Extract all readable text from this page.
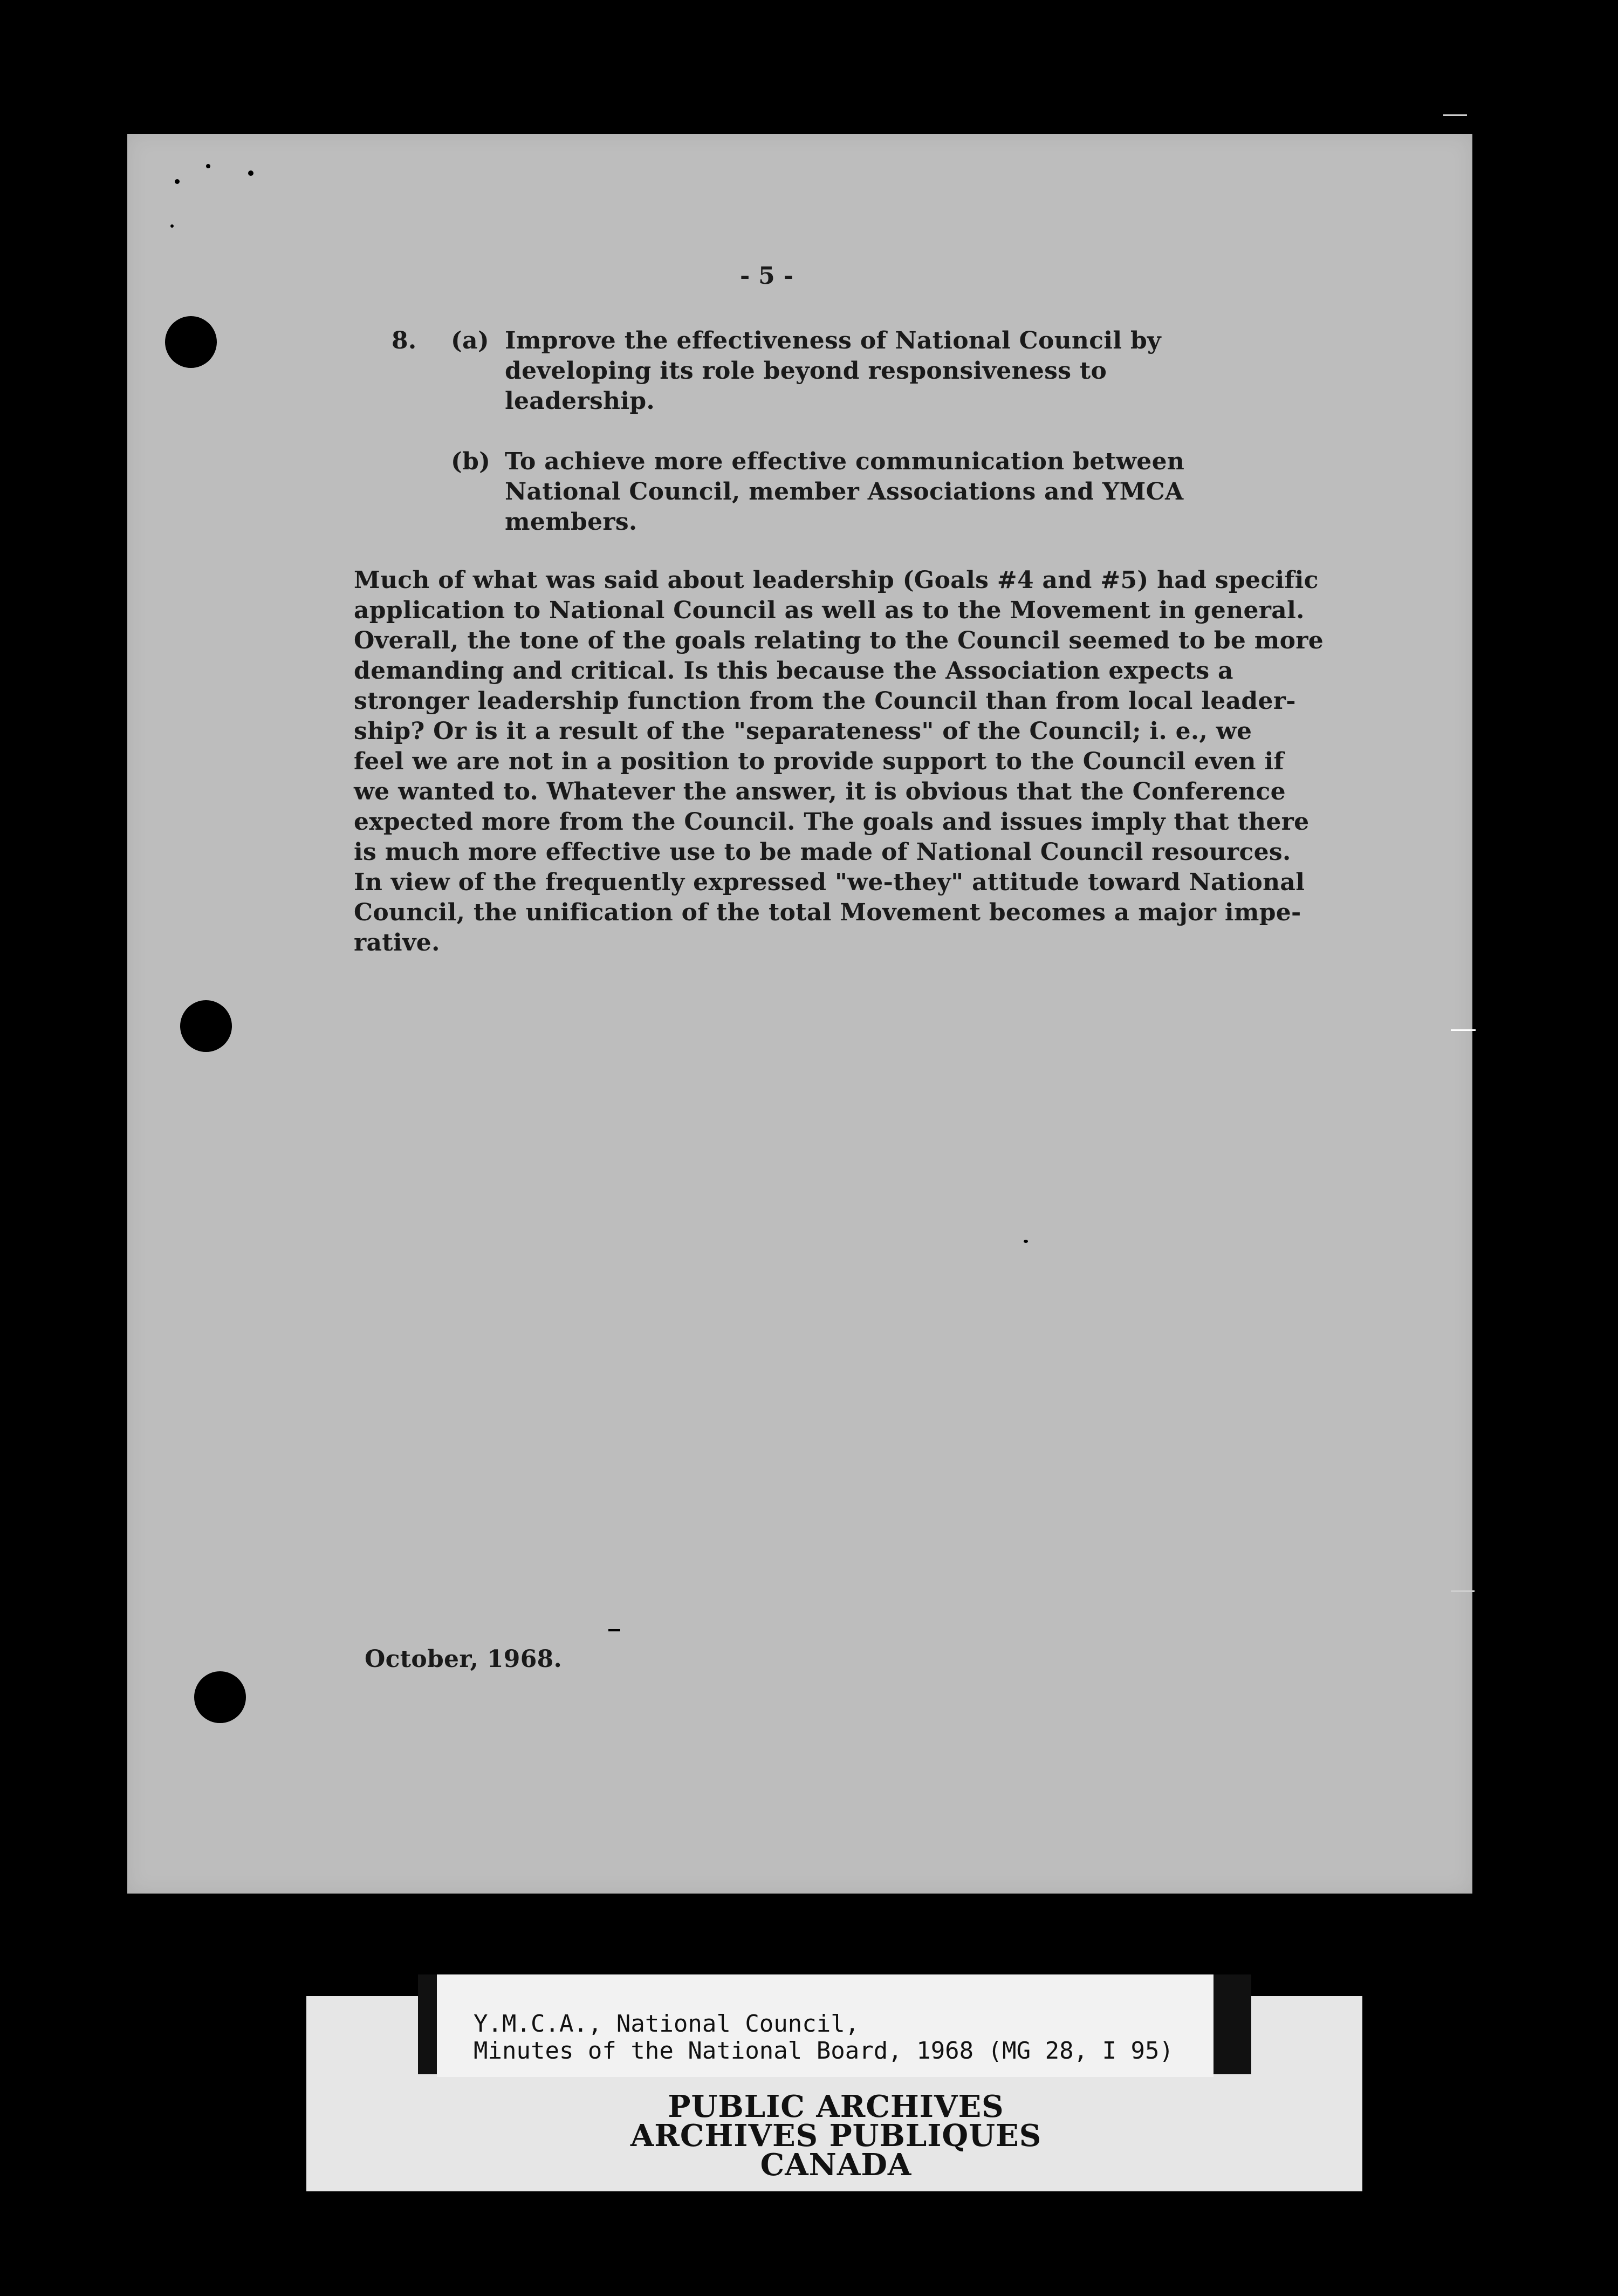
- 5 -
8. (a) Improve the effectiveness of National Council by
developing its role beyond responsiveness to
leadership.
(b) To achieve more effective communication between
National Council, member Associations and YMCA
members.
Much of what was said about leadership (Goals #4 and #5) had specific
application to National Council as well as to the Movement in general.
Overall, the tone of the goals relating to the Council seemed to be more
demanding and critical. Is this because the Association expects a
stronger leadership function from the Council than from local leader-
ship? Or is it a result of the "separateness" of the Council; i. e., we
feel we are not in a position to provide support to the Council even if
we wanted to. Whatever the answer, it is obvious that the Conference
expected more from the Council. The goals and issues imply that there
is much more effective use to be made of National Council resources.
In view of the frequently expressed "we-they" attitude toward National
Council, the unification of the total Movement becomes a major impe-
rative.
October, 1968.
Y.M.C.A., National Council,
Minutes of the National Board, 1968 (MG 28, I 95)
PUBLIC ARCHIVES
ARCHIVES PUBLIQUES
CANADA
